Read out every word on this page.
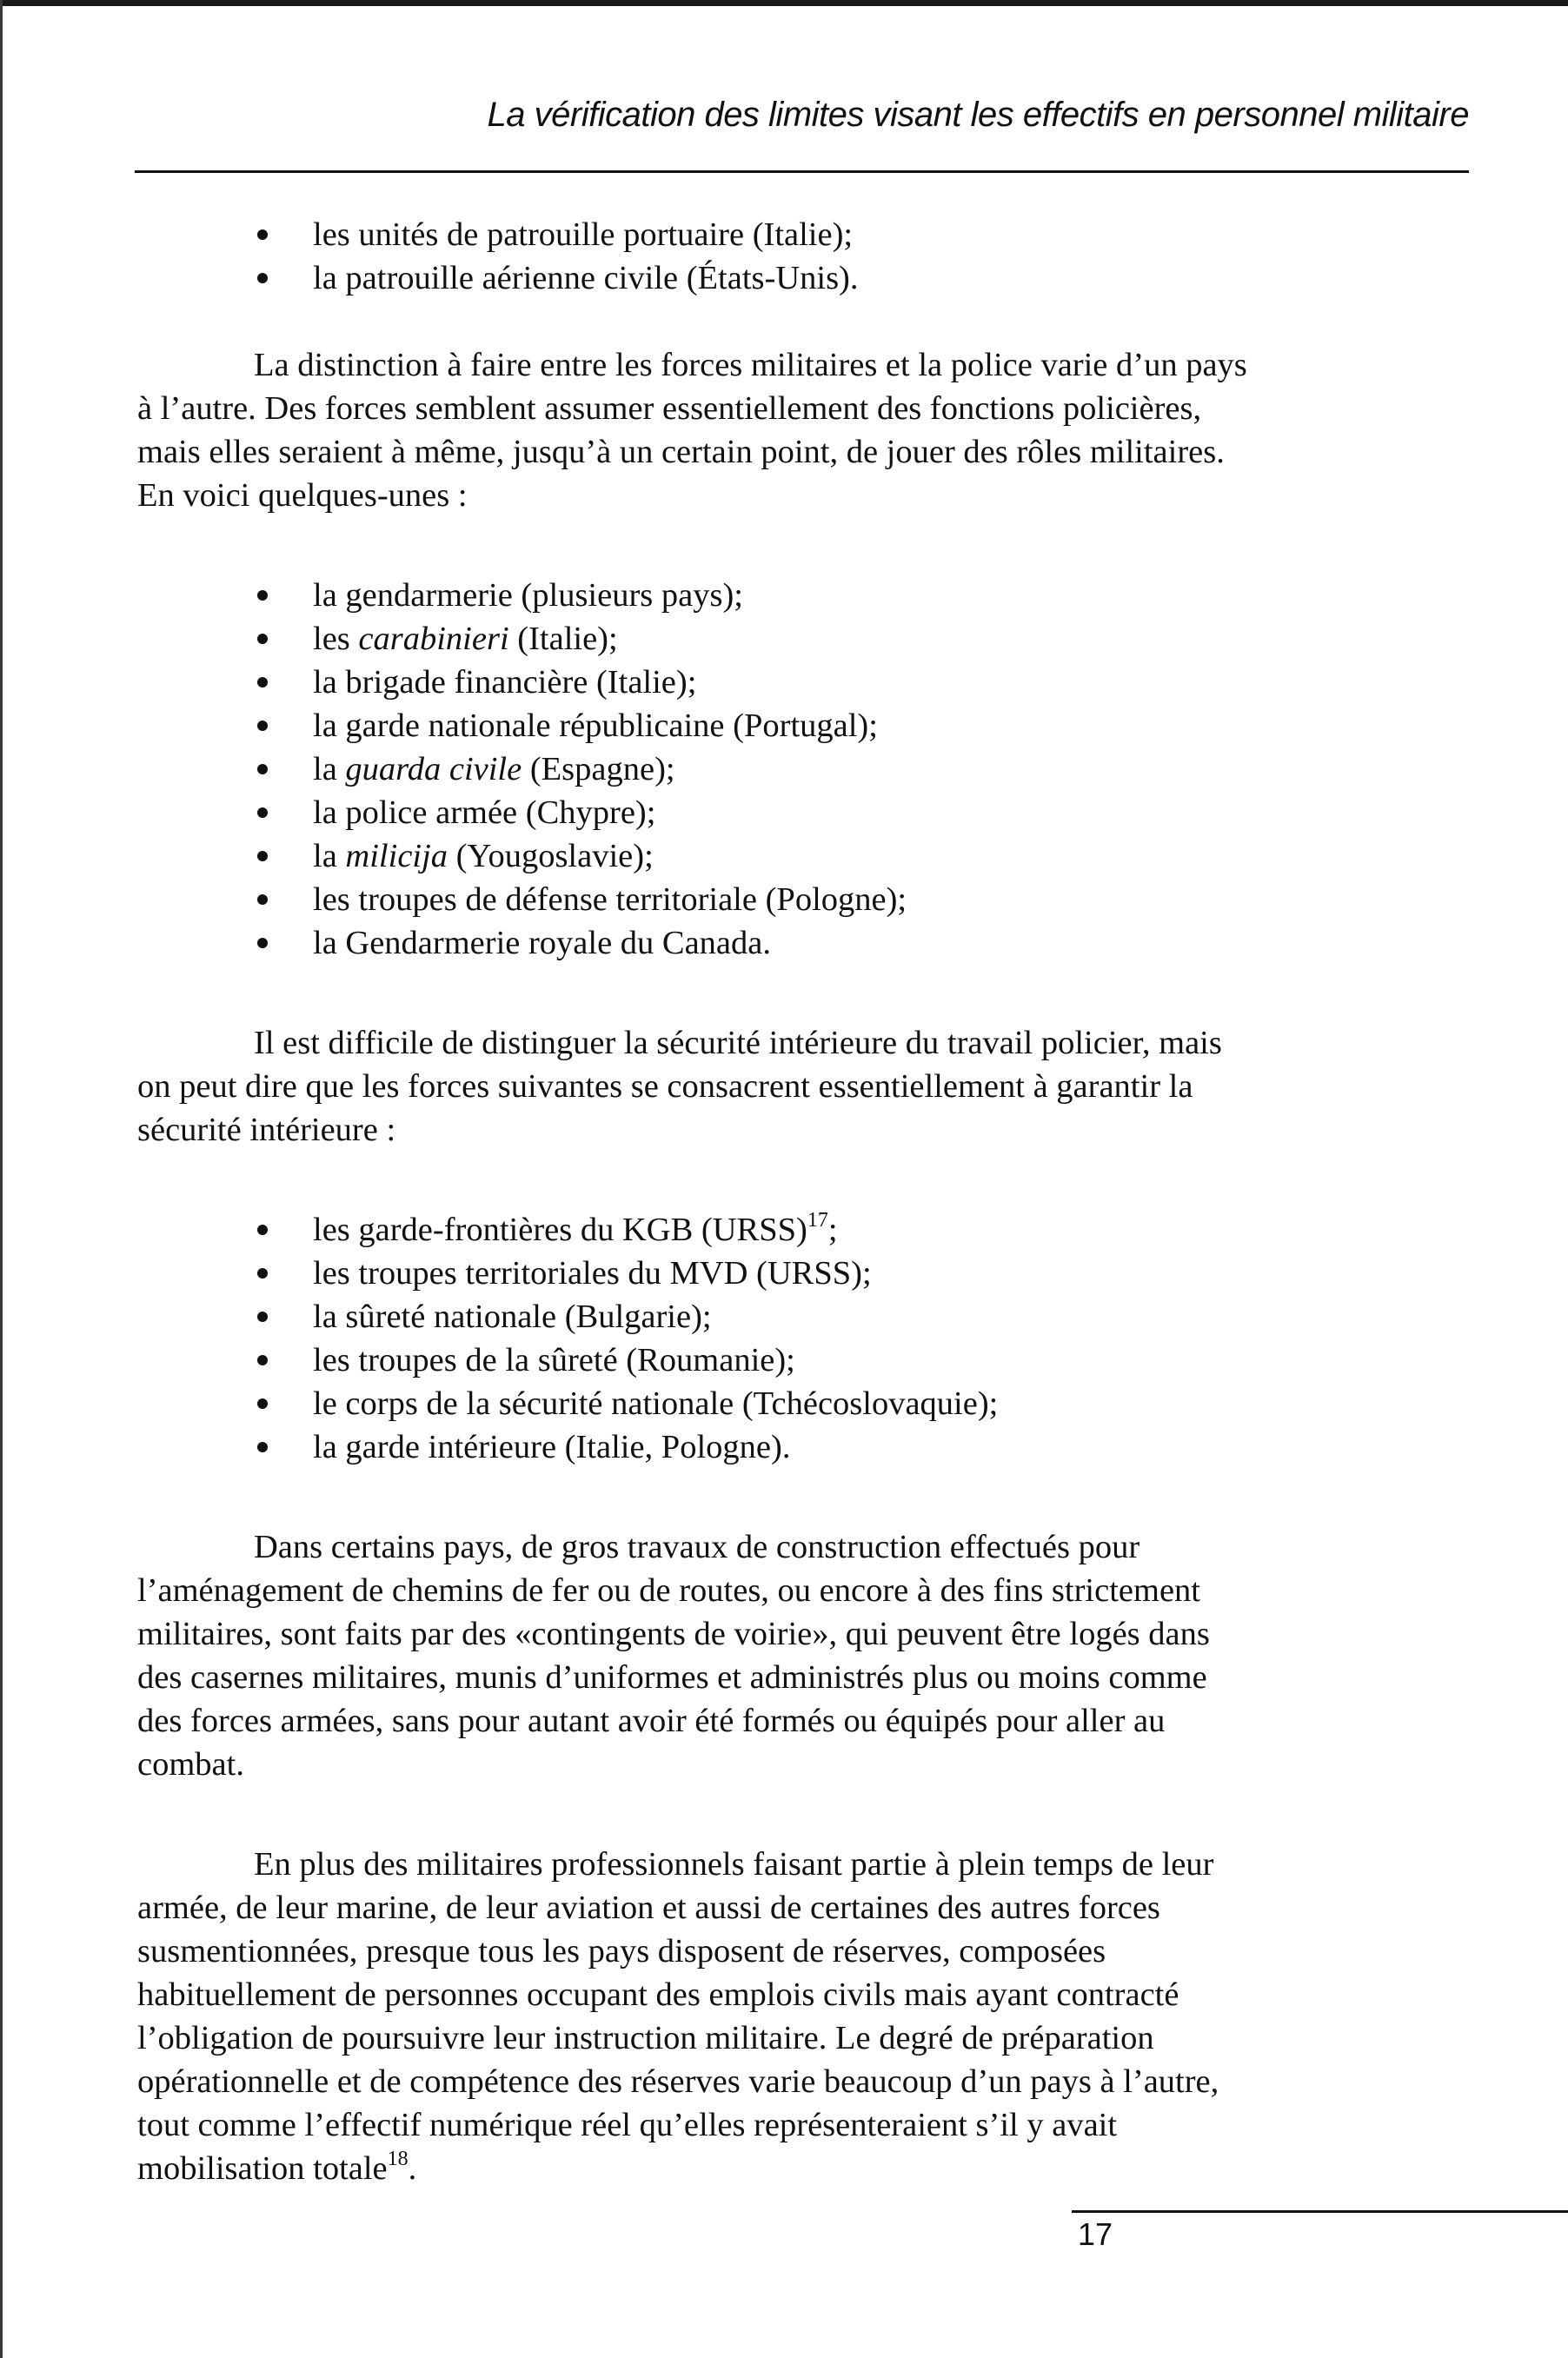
La vérification des limites visant les effectifs en personnel militaire
les unités de patrouille portuaire (Italie);
la patrouille aérienne civile (États-Unis).

La distinction à faire entre les forces militaires et la police varie d’un pays
à l’autre. Des forces semblent assumer essentiellement des fonctions policières,
mais elles seraient à même, jusqu’à un certain point, de jouer des rôles militaires.
En voici quelques-unes :

la gendarmerie (plusieurs pays);
les carabinieri (Italie);
la brigade financière (Italie);
la garde nationale républicaine (Portugal);
la guarda civile (Espagne);
la police armée (Chypre);
la milicija (Yougoslavie);
les troupes de défense territoriale (Pologne);
la Gendarmerie royale du Canada.

Il est difficile de distinguer la sécurité intérieure du travail policier, mais
on peut dire que les forces suivantes se consacrent essentiellement à garantir la
sécurité intérieure :

les garde-frontières du KGB (URSS)$^{17}$;
les troupes territoriales du MVD (URSS);
la sûreté nationale (Bulgarie);
les troupes de la sûreté (Roumanie);
le corps de la sécurité nationale (Tchécoslovaquie);
la garde intérieure (Italie, Pologne).

Dans certains pays, de gros travaux de construction effectués pour
l’aménagement de chemins de fer ou de routes, ou encore à des fins strictement
militaires, sont faits par des «contingents de voirie», qui peuvent être logés dans
des casernes militaires, munis d’uniformes et administrés plus ou moins comme
des forces armées, sans pour autant avoir été formés ou équipés pour aller au
combat.

En plus des militaires professionnels faisant partie à plein temps de leur
armée, de leur marine, de leur aviation et aussi de certaines des autres forces
susmentionnées, presque tous les pays disposent de réserves, composées
habituellement de personnes occupant des emplois civils mais ayant contracté
l’obligation de poursuivre leur instruction militaire. Le degré de préparation
opérationnelle et de compétence des réserves varie beaucoup d’un pays à l’autre,
tout comme l’effectif numérique réel qu’elles représenteraient s’il y avait
mobilisation totale$^{18}$.

17
